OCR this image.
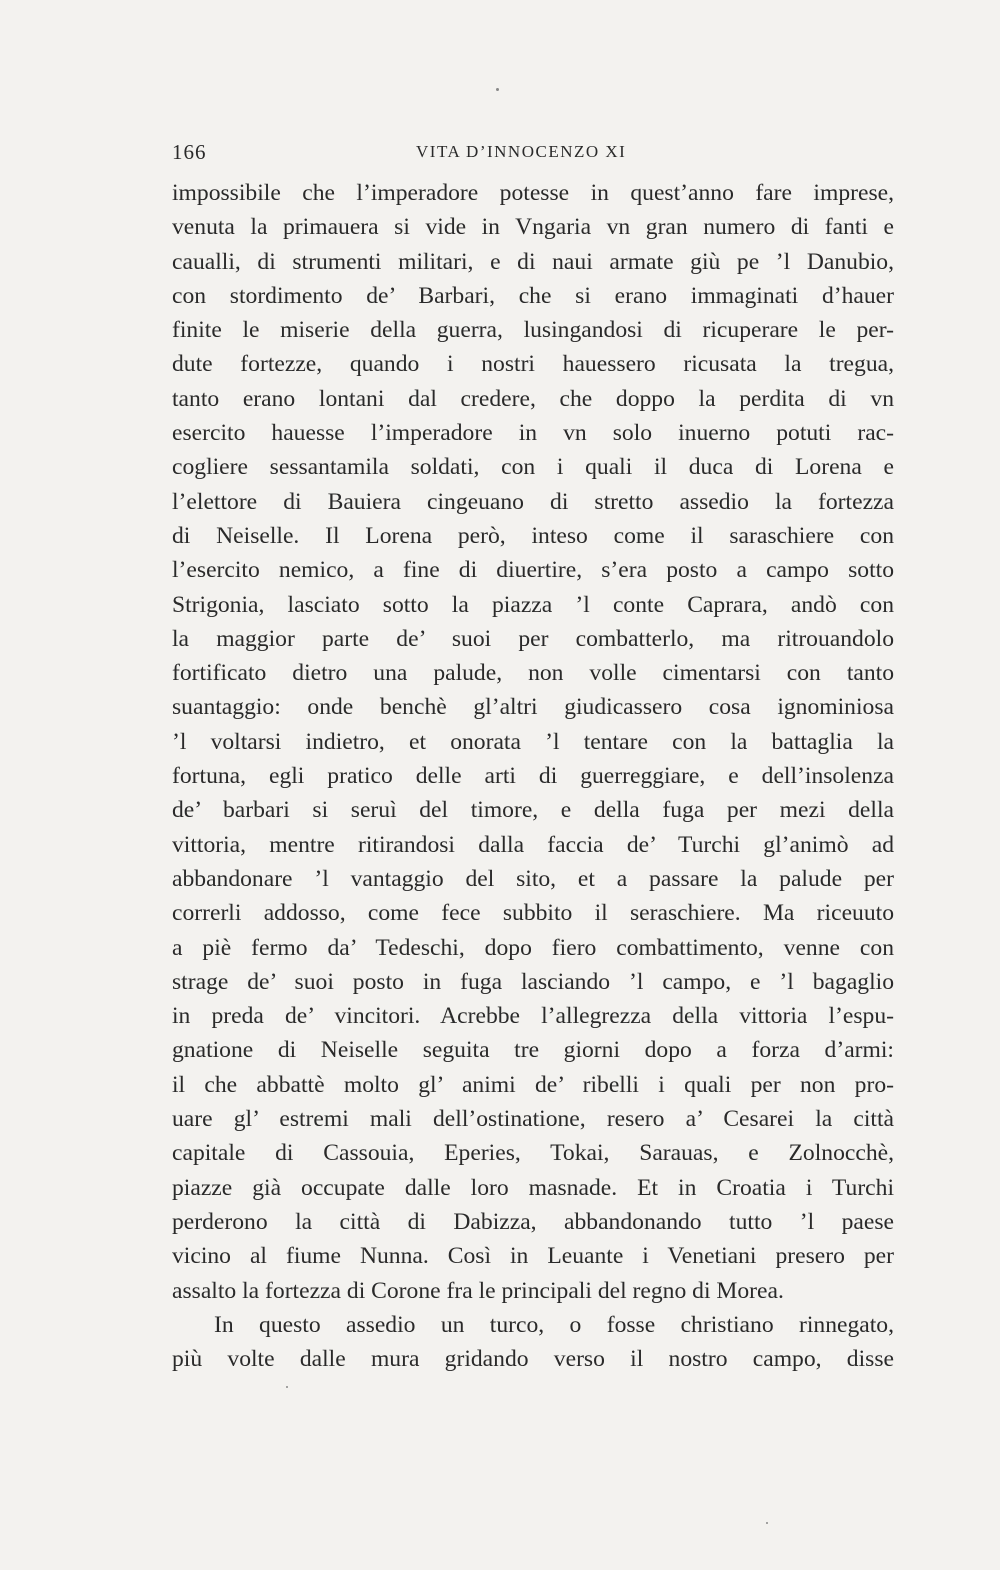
166	VITA D’INNOCENZO XI
impossibile che l’imperadore potesse in quest’anno fare imprese,
venuta la primauera si vide in Vngaria vn gran numero di fanti e
caualli, di strumenti militari, e di naui armate giù pe ’l Danubio,
con stordimento de’ Barbari, che si erano immaginati d’hauer
finite le miserie della guerra, lusingandosi di ricuperare le per-
dute fortezze, quando i nostri hauessero ricusata la tregua,
tanto erano lontani dal credere, che doppo la perdita di vn
esercito hauesse l’imperadore in vn solo inuerno potuti rac-
cogliere sessantamila soldati, con i quali il duca di Lorena e
l’elettore di Bauiera cingeuano di stretto assedio la fortezza
di Neiselle. Il Lorena però, inteso come il saraschiere con
l’esercito nemico, a fine di diuertire, s’era posto a campo sotto
Strigonia, lasciato sotto la piazza ’l conte Caprara, andò con
la maggior parte de’ suoi per combatterlo, ma ritrouandolo
fortificato dietro una palude, non volle cimentarsi con tanto
suantaggio: onde benchè gl’altri giudicassero cosa ignominiosa
’l voltarsi indietro, et onorata ’l tentare con la battaglia la
fortuna, egli pratico delle arti di guerreggiare, e dell’insolenza
de’ barbari si seruì del timore, e della fuga per mezi della
vittoria, mentre ritirandosi dalla faccia de’ Turchi gl’animò ad
abbandonare ’l vantaggio del sito, et a passare la palude per
correrli addosso, come fece subbito il seraschiere. Ma riceuuto
a piè fermo da’ Tedeschi, dopo fiero combattimento, venne con
strage de’ suoi posto in fuga lasciando ’l campo, e ’l bagaglio
in preda de’ vincitori. Acrebbe l’allegrezza della vittoria l’espu-
gnatione di Neiselle seguita tre giorni dopo a forza d’armi:
il che abbattè molto gl’ animi de’ ribelli i quali per non pro-
uare gl’ estremi mali dell’ostinatione, resero a’ Cesarei la città
capitale di Cassouia, Eperies, Tokai, Sarauas, e Zolnocchè,
piazze già occupate dalle loro masnade. Et in Croatia i Turchi
perderono la città di Dabizza, abbandonando tutto ’l paese
vicino al fiume Nunna. Così in Leuante i Venetiani presero per
assalto la fortezza di Corone fra le principali del regno di Morea.
In questo assedio un turco, o fosse christiano rinnegato,
più volte dalle mura gridando verso il nostro campo, disse
